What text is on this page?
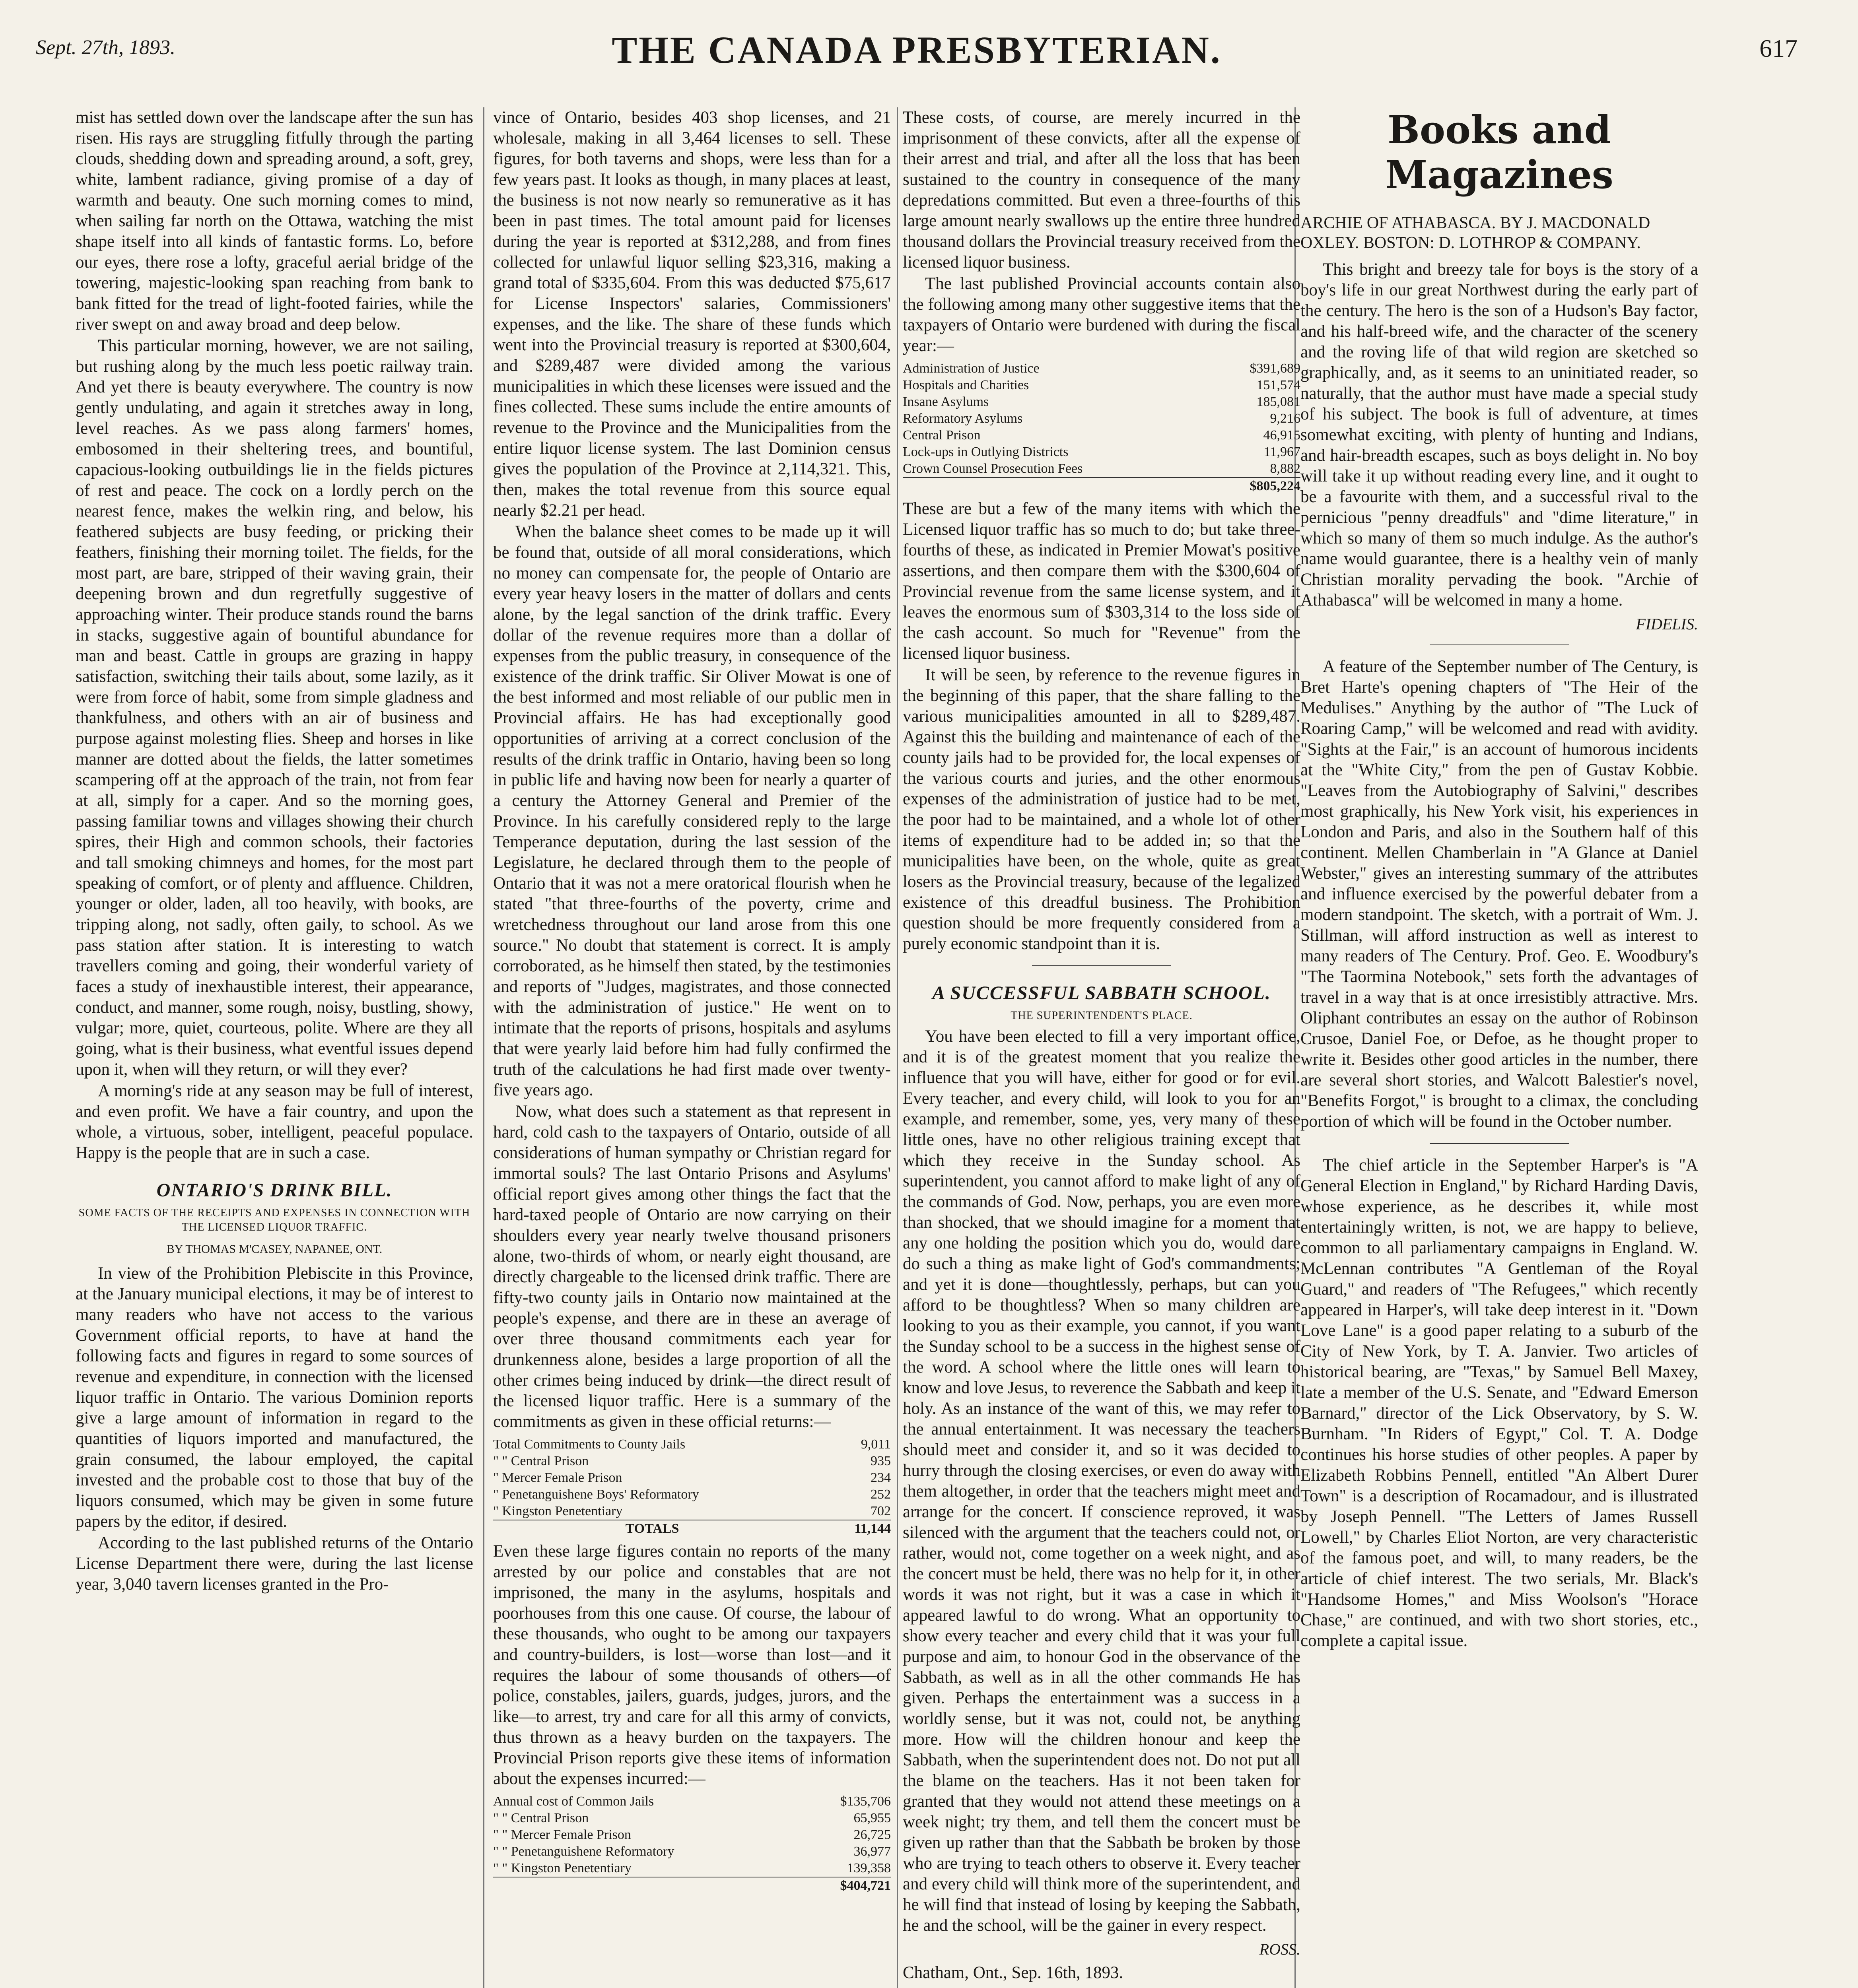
Sept. 27th, 1893.	THE CANADA PRESBYTERIAN.	617

mist has settled down over the landscape after the sun has risen. His rays are struggling fitfully through the parting clouds, shedding down and spreading around, a soft, grey, white, lambent radiance, giving promise of a day of warmth and beauty. One such morning comes to mind, when sailing far north on the Ottawa, watching the mist shape itself into all kinds of fantastic forms. Lo, before our eyes, there rose a lofty, graceful aerial bridge of the towering, majestic-looking span reaching from bank to bank fitted for the tread of light-footed fairies, while the river swept on and away broad and deep below.

This particular morning, however, we are not sailing, but rushing along by the much less poetic railway train. And yet there is beauty everywhere. The country is now gently undulating, and again it stretches away in long, level reaches. As we pass along farmers' homes, embosomed in their sheltering trees, and bountiful, capacious-looking outbuildings lie in the fields pictures of rest and peace. The cock on a lordly perch on the nearest fence, makes the welkin ring, and below, his feathered subjects are busy feeding, or pricking their feathers, finishing their morning toilet. The fields, for the most part, are bare, stripped of their waving grain, their deepening brown and dun regretfully suggestive of approaching winter. Their produce stands round the barns in stacks, suggestive again of bountiful abundance for man and beast. Cattle in groups are grazing in happy satisfaction, switching their tails about, some lazily, as it were from force of habit, some from simple gladness and thankfulness, and others with an air of business and purpose against molesting flies. Sheep and horses in like manner are dotted about the fields, the latter sometimes scampering off at the approach of the train, not from fear at all, simply for a caper. And so the morning goes, passing familiar towns and villages showing their church spires, their High and common schools, their factories and tall smoking chimneys and homes, for the most part speaking of comfort, or of plenty and affluence. Children, younger or older, laden, all too heavily, with books, are tripping along, not sadly, often gaily, to school. As we pass station after station. It is interesting to watch travellers coming and going, their wonderful variety of faces a study of inexhaustible interest, their appearance, conduct, and manner, some rough, noisy, bustling, showy, vulgar; more, quiet, courteous, polite. Where are they all going, what is their business, what eventful issues depend upon it, when will they return, or will they ever?

A morning's ride at any season may be full of interest, and even profit. We have a fair country, and upon the whole, a virtuous, sober, intelligent, peaceful populace. Happy is the people that are in such a case.

ONTARIO'S DRINK BILL.
SOME FACTS OF THE RECEIPTS AND EXPENSES IN CONNECTION WITH THE LICENSED LIQUOR TRAFFIC.
BY THOMAS M'CASEY, NAPANEE, ONT.

In view of the Prohibition Plebiscite in this Province, at the January municipal elections, it may be of interest to many readers who have not access to the various Government official reports, to have at hand the following facts and figures in regard to some sources of revenue and expenditure, in connection with the licensed liquor traffic in Ontario. The various Dominion reports give a large amount of information in regard to the quantities of liquors imported and manufactured, the grain consumed, the labour employed, the capital invested and the probable cost to those that buy of the liquors consumed, which may be given in some future papers by the editor, if desired.

According to the last published returns of the Ontario License Department there were, during the last license year, 3,040 tavern licenses granted in the Pro-

vince of Ontario, besides 403 shop licenses, and 21 wholesale, making in all 3,464 licenses to sell. These figures, for both taverns and shops, were less than for a few years past. It looks as though, in many places at least, the business is not now nearly so remunerative as it has been in past times. The total amount paid for licenses during the year is reported at $312,288, and from fines collected for unlawful liquor selling $23,316, making a grand total of $335,604. From this was deducted $75,617 for License Inspectors' salaries, Commissioners' expenses, and the like. The share of these funds which went into the Provincial treasury is reported at $300,604, and $289,487 were divided among the various municipalities in which these licenses were issued and the fines collected. These sums include the entire amounts of revenue to the Province and the Municipalities from the entire liquor license system. The last Dominion census gives the population of the Province at 2,114,321. This, then, makes the total revenue from this source equal nearly $2.21 per head.

When the balance sheet comes to be made up it will be found that, outside of all moral considerations, which no money can compensate for, the people of Ontario are every year heavy losers in the matter of dollars and cents alone, by the legal sanction of the drink traffic. Every dollar of the revenue requires more than a dollar of expenses from the public treasury, in consequence of the existence of the drink traffic. Sir Oliver Mowat is one of the best informed and most reliable of our public men in Provincial affairs. He has had exceptionally good opportunities of arriving at a correct conclusion of the results of the drink traffic in Ontario, having been so long in public life and having now been for nearly a quarter of a century the Attorney General and Premier of the Province. In his carefully considered reply to the large Temperance deputation, during the last session of the Legislature, he declared through them to the people of Ontario that it was not a mere oratorical flourish when he stated "that three-fourths of the poverty, crime and wretchedness throughout our land arose from this one source." No doubt that statement is correct. It is amply corroborated, as he himself then stated, by the testimonies and reports of "Judges, magistrates, and those connected with the administration of justice." He went on to intimate that the reports of prisons, hospitals and asylums that were yearly laid before him had fully confirmed the truth of the calculations he had first made over twenty-five years ago.

Now, what does such a statement as that represent in hard, cold cash to the taxpayers of Ontario, outside of all considerations of human sympathy or Christian regard for immortal souls? The last Ontario Prisons and Asylums' official report gives among other things the fact that the hard-taxed people of Ontario are now carrying on their shoulders every year nearly twelve thousand prisoners alone, two-thirds of whom, or nearly eight thousand, are directly chargeable to the licensed drink traffic. There are fifty-two county jails in Ontario now maintained at the people's expense, and there are in these an average of over three thousand commitments each year for drunkenness alone, besides a large proportion of all the other crimes being induced by drink—the direct result of the licensed liquor traffic. Here is a summary of the commitments as given in these official returns:—

Total Commitments to County Jails	9,011
" " Central Prison	935
" Mercer Female Prison	234
" Penetanguishene Boys' Reformatory	252
" Kingston Penetentiary	702
TOTALS	11,144

Even these large figures contain no reports of the many arrested by our police and constables that are not imprisoned, the many in the asylums, hospitals and poorhouses from this one cause. Of course, the labour of these thousands, who ought to be among our taxpayers and country-builders, is lost—worse than lost—and it requires the labour of some thousands of others—of police, constables, jailers, guards, judges, jurors, and the like—to arrest, try and care for all this army of convicts, thus thrown as a heavy burden on the taxpayers. The Provincial Prison reports give these items of information about the expenses incurred:—

Annual cost of Common Jails	$135,706
" " Central Prison	65,955
" " Mercer Female Prison	26,725
" " Penetanguishene Reformatory	36,977
" " Kingston Penetentiary	139,358
	$404,721

These costs, of course, are merely incurred in the imprisonment of these convicts, after all the expense of their arrest and trial, and after all the loss that has been sustained to the country in consequence of the many depredations committed. But even a three-fourths of this large amount nearly swallows up the entire three hundred thousand dollars the Provincial treasury received from the licensed liquor business.

The last published Provincial accounts contain also the following among many other suggestive items that the taxpayers of Ontario were burdened with during the fiscal year:—

Administration of Justice	$391,689
Hospitals and Charities	151,574
Insane Asylums	185,081
Reformatory Asylums	9,216
Central Prison	46,915
Lock-ups in Outlying Districts	11,967
Crown Counsel Prosecution Fees	8,882
	$805,224

These are but a few of the many items with which the Licensed liquor traffic has so much to do; but take three-fourths of these, as indicated in Premier Mowat's positive assertions, and then compare them with the $300,604 of Provincial revenue from the same license system, and it leaves the enormous sum of $303,314 to the loss side of the cash account. So much for "Revenue" from the licensed liquor business.

It will be seen, by reference to the revenue figures in the beginning of this paper, that the share falling to the various municipalities amounted in all to $289,487. Against this the building and maintenance of each of the county jails had to be provided for, the local expenses of the various courts and juries, and the other enormous expenses of the administration of justice had to be met, the poor had to be maintained, and a whole lot of other items of expenditure had to be added in; so that the municipalities have been, on the whole, quite as great losers as the Provincial treasury, because of the legalized existence of this dreadful business. The Prohibition question should be more frequently considered from a purely economic standpoint than it is.

A SUCCESSFUL SABBATH SCHOOL.
THE SUPERINTENDENT'S PLACE.

You have been elected to fill a very important office, and it is of the greatest moment that you realize the influence that you will have, either for good or for evil. Every teacher, and every child, will look to you for an example, and remember, some, yes, very many of these little ones, have no other religious training except that which they receive in the Sunday school. As superintendent, you cannot afford to make light of any of the commands of God. Now, perhaps, you are even more than shocked, that we should imagine for a moment that any one holding the position which you do, would dare do such a thing as make light of God's commandments; and yet it is done—thoughtlessly, perhaps, but can you afford to be thoughtless? When so many children are looking to you as their example, you cannot, if you want the Sunday school to be a success in the highest sense of the word. A school where the little ones will learn to know and love Jesus, to reverence the Sabbath and keep it holy. As an instance of the want of this, we may refer to the annual entertainment. It was necessary the teachers should meet and consider it, and so it was decided to hurry through the closing exercises, or even do away with them altogether, in order that the teachers might meet and arrange for the concert. If conscience reproved, it was silenced with the argument that the teachers could not, or rather, would not, come together on a week night, and as the concert must be held, there was no help for it, in other words it was not right, but it was a case in which it appeared lawful to do wrong. What an opportunity to show every teacher and every child that it was your full purpose and aim, to honour God in the observance of the Sabbath, as well as in all the other commands He has given. Perhaps the entertainment was a success in a worldly sense, but it was not, could not, be anything more. How will the children honour and keep the Sabbath, when the superintendent does not. Do not put all the blame on the teachers. Has it not been taken for granted that they would not attend these meetings on a week night; try them, and tell them the concert must be given up rather than that the Sabbath be broken by those who are trying to teach others to observe it. Every teacher and every child will think more of the superintendent, and he will find that instead of losing by keeping the Sabbath, he and the school, will be the gainer in every respect.

ROSS.
Chatham, Ont., Sep. 16th, 1893.
Books and Magazines
ARCHIE OF ATHABASCA. BY J. MACDONALD OXLEY. BOSTON: D. LOTHROP & COMPANY.

This bright and breezy tale for boys is the story of a boy's life in our great Northwest during the early part of the century. The hero is the son of a Hudson's Bay factor, and his half-breed wife, and the character of the scenery and the roving life of that wild region are sketched so graphically, and, as it seems to an uninitiated reader, so naturally, that the author must have made a special study of his subject. The book is full of adventure, at times somewhat exciting, with plenty of hunting and Indians, and hair-breadth escapes, such as boys delight in. No boy will take it up without reading every line, and it ought to be a favourite with them, and a successful rival to the pernicious "penny dreadfuls" and "dime literature," in which so many of them so much indulge. As the author's name would guarantee, there is a healthy vein of manly Christian morality pervading the book. "Archie of Athabasca" will be welcomed in many a home.

FIDELIS.

A feature of the September number of The Century, is Bret Harte's opening chapters of "The Heir of the Medulises." Anything by the author of "The Luck of Roaring Camp," will be welcomed and read with avidity. "Sights at the Fair," is an account of humorous incidents at the "White City," from the pen of Gustav Kobbie. "Leaves from the Autobiography of Salvini," describes most graphically, his New York visit, his experiences in London and Paris, and also in the Southern half of this continent. Mellen Chamberlain in "A Glance at Daniel Webster," gives an interesting summary of the attributes and influence exercised by the powerful debater from a modern standpoint. The sketch, with a portrait of Wm. J. Stillman, will afford instruction as well as interest to many readers of The Century. Prof. Geo. E. Woodbury's "The Taormina Notebook," sets forth the advantages of travel in a way that is at once irresistibly attractive. Mrs. Oliphant contributes an essay on the author of Robinson Crusoe, Daniel Foe, or Defoe, as he thought proper to write it. Besides other good articles in the number, there are several short stories, and Walcott Balestier's novel, "Benefits Forgot," is brought to a climax, the concluding portion of which will be found in the October number.

The chief article in the September Harper's is "A General Election in England," by Richard Harding Davis, whose experience, as he describes it, while most entertainingly written, is not, we are happy to believe, common to all parliamentary campaigns in England. W. McLennan contributes "A Gentleman of the Royal Guard," and readers of "The Refugees," which recently appeared in Harper's, will take deep interest in it. "Down Love Lane" is a good paper relating to a suburb of the City of New York, by T. A. Janvier. Two articles of historical bearing, are "Texas," by Samuel Bell Maxey, late a member of the U.S. Senate, and "Edward Emerson Barnard," director of the Lick Observatory, by S. W. Burnham. "In Riders of Egypt," Col. T. A. Dodge continues his horse studies of other peoples. A paper by Elizabeth Robbins Pennell, entitled "An Albert Durer Town" is a description of Rocamadour, and is illustrated by Joseph Pennell. "The Letters of James Russell Lowell," by Charles Eliot Norton, are very characteristic of the famous poet, and will, to many readers, be the article of chief interest. The two serials, Mr. Black's "Handsome Homes," and Miss Woolson's "Horace Chase," are continued, and with two short stories, etc., complete a capital issue.
